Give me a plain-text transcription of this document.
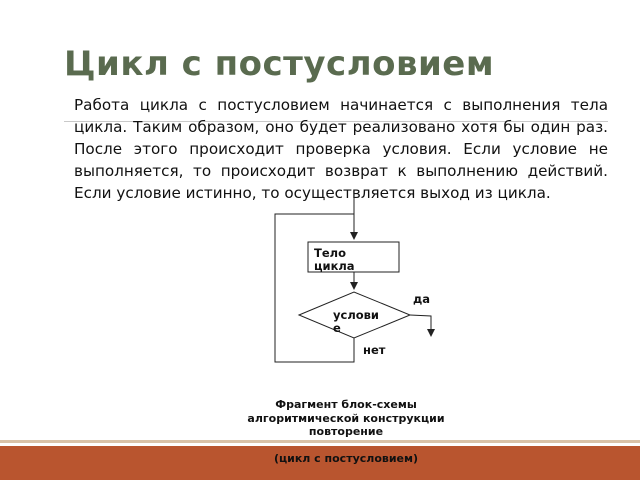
Цикл с постусловием
Работа цикла с постусловием начинается с выполнения тела цикла. Таким образом, оно будет реализовано хотя бы один раз. После этого происходит проверка условия. Если условие не выполняется, то происходит возврат к выполнению действий. Если условие истинно, то осуществляется выход из цикла.
Тело цикла
условие
да
нет
Фрагмент блок-схемы алгоритмической конструкции повторение
(цикл с постусловием)
